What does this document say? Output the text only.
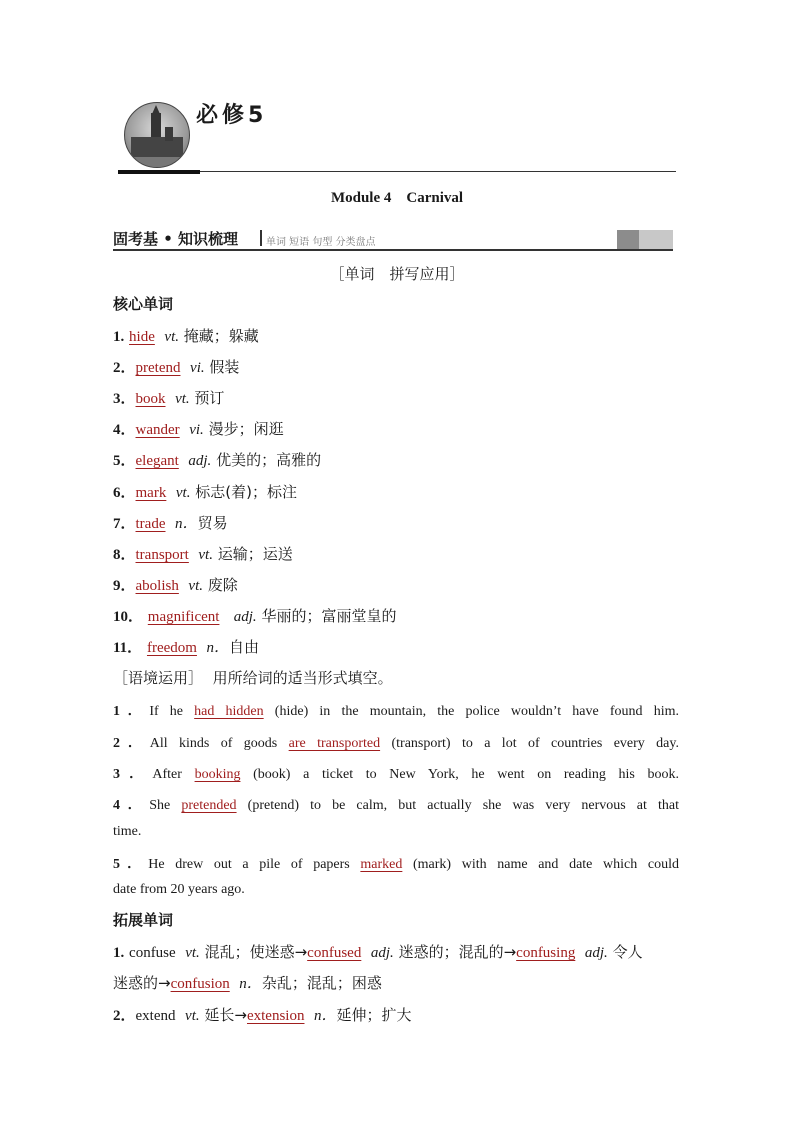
必修5
Module 4　Carnival
固考基 • 知识梳理	单词 短语 句型 分类盘点
［单词　拼写应用］
核心单词
1. hide vt. 掩藏；躲藏
2．pretend vi. 假装
3．book vt. 预订
4．wander vi. 漫步；闲逛
5．elegant adj. 优美的；高雅的
6．mark vt. 标志(着)；标注
7．trade n．贸易
8．transport vt. 运输；运送
9．abolish vt. 废除
10． magnificent adj. 华丽的；富丽堂皇的
11． freedom n．自由
［语境运用］ 用所给词的适当形式填空。
1．If he had hidden (hide) in the mountain, the police wouldn’t have found him.
2．All kinds of goods are transported (transport) to a lot of countries every day.
3．After booking (book) a ticket to New York, he went on reading his book.
4．She pretended (pretend) to be calm, but actually she was very nervous at that
time.
5．He drew out a pile of papers marked (mark) with name and date which could
date from 20 years ago.
拓展单词
1. confuse vt. 混乱；使迷惑→confused adj. 迷惑的；混乱的→confusing adj. 令人
迷惑的→confusion n．杂乱；混乱；困惑
2．extend vt. 延长→extension n．延伸；扩大
